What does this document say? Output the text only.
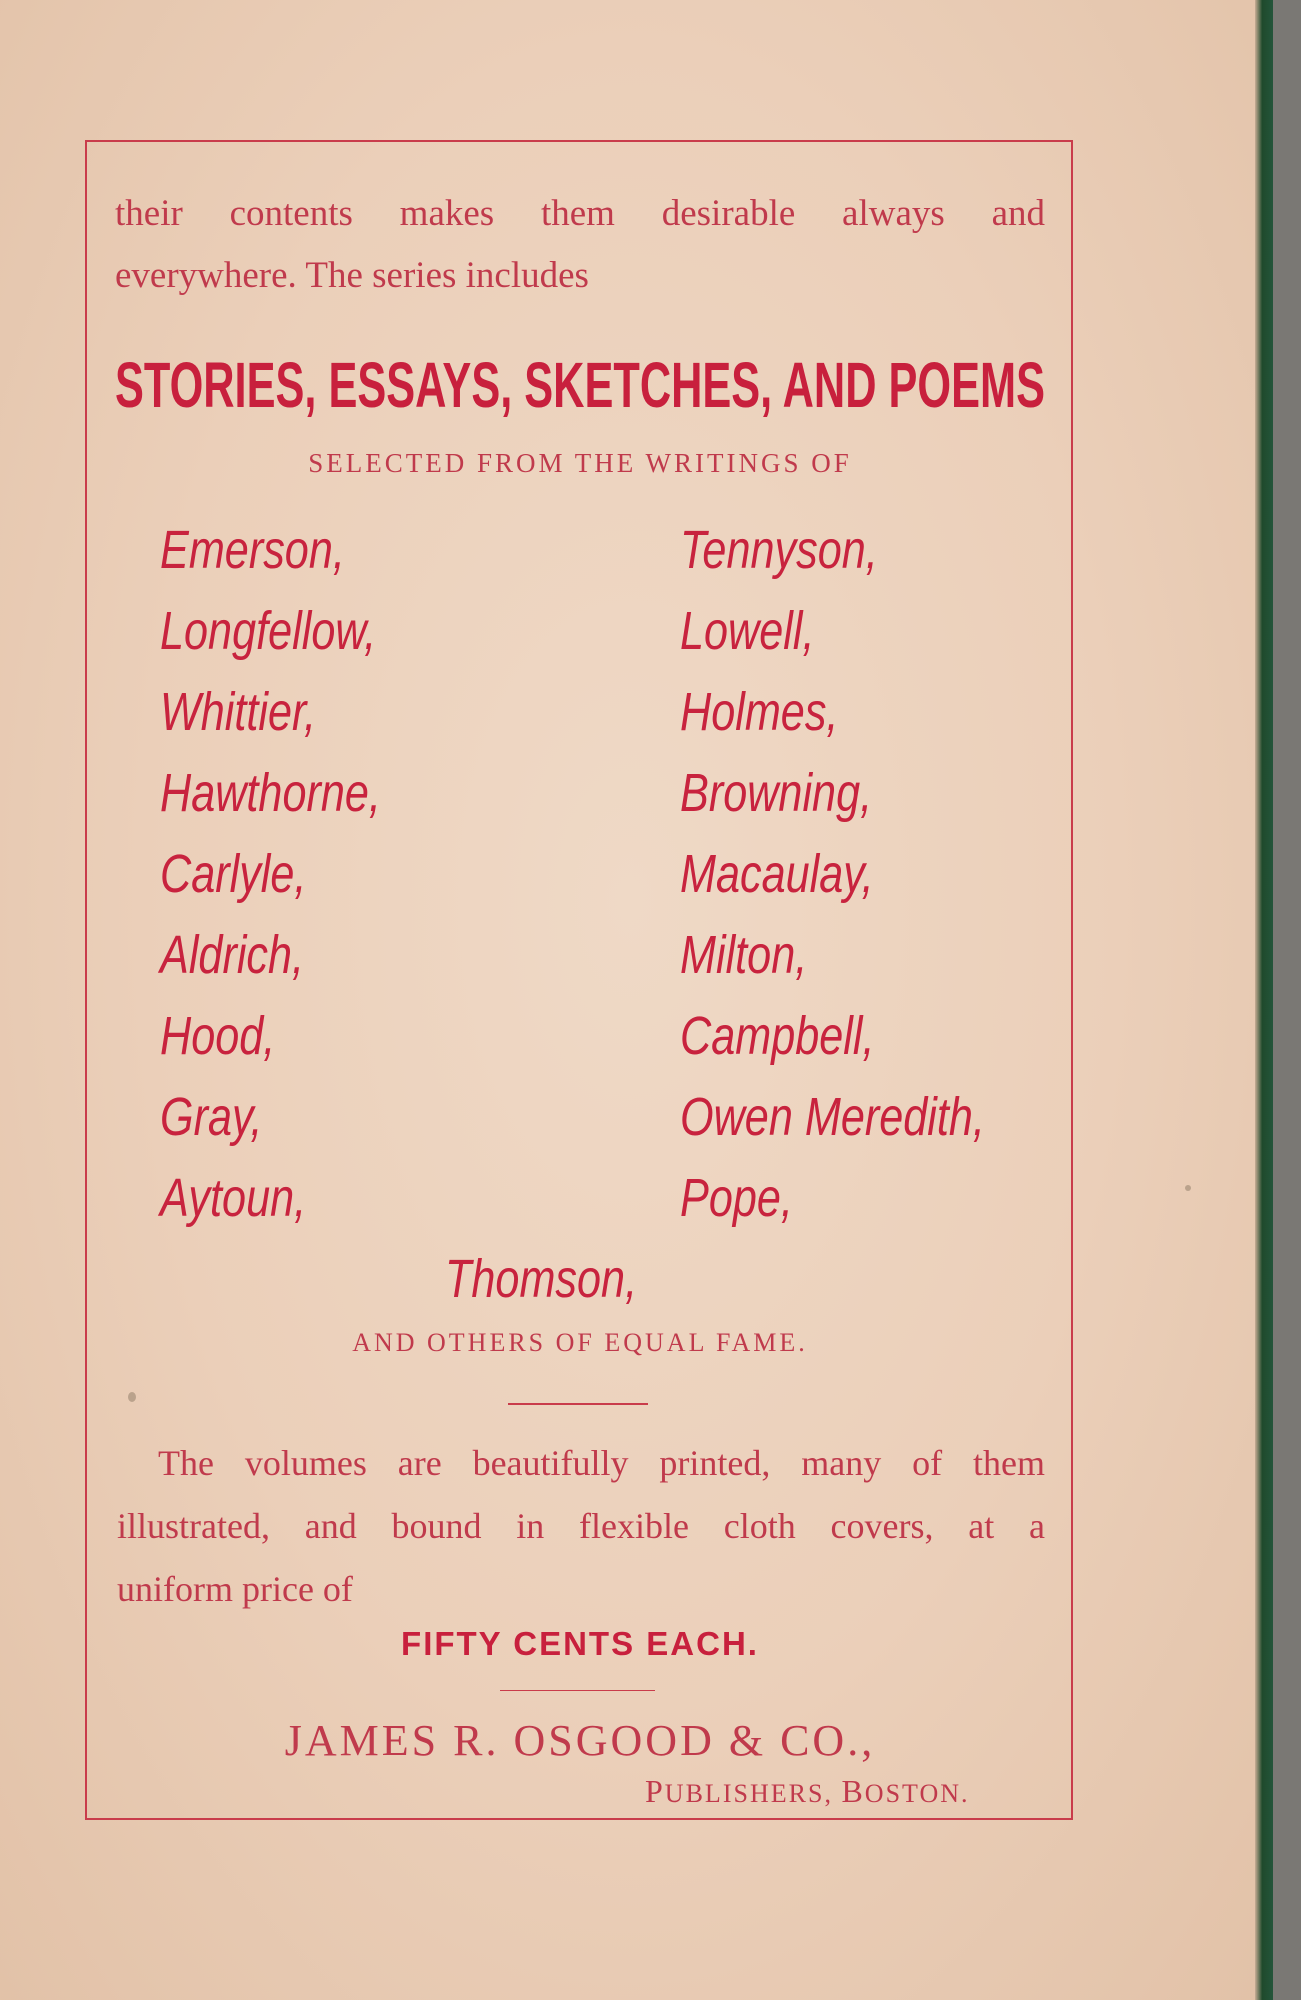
their contents makes them desirable always and
everywhere. The series includes
STORIES, ESSAYS, SKETCHES, AND POEMS
SELECTED FROM THE WRITINGS OF
Emerson,
Longfellow,
Whittier,
Hawthorne,
Carlyle,
Aldrich,
Hood,
Gray,
Aytoun,
Tennyson,
Lowell,
Holmes,
Browning,
Macaulay,
Milton,
Campbell,
Owen Meredith,
Pope,
Thomson,
AND OTHERS OF EQUAL FAME.
The volumes are beautifully printed, many of them
illustrated, and bound in flexible cloth covers, at a
uniform price of
FIFTY CENTS EACH.
JAMES R. OSGOOD & CO.,
PUBLISHERS, BOSTON.
